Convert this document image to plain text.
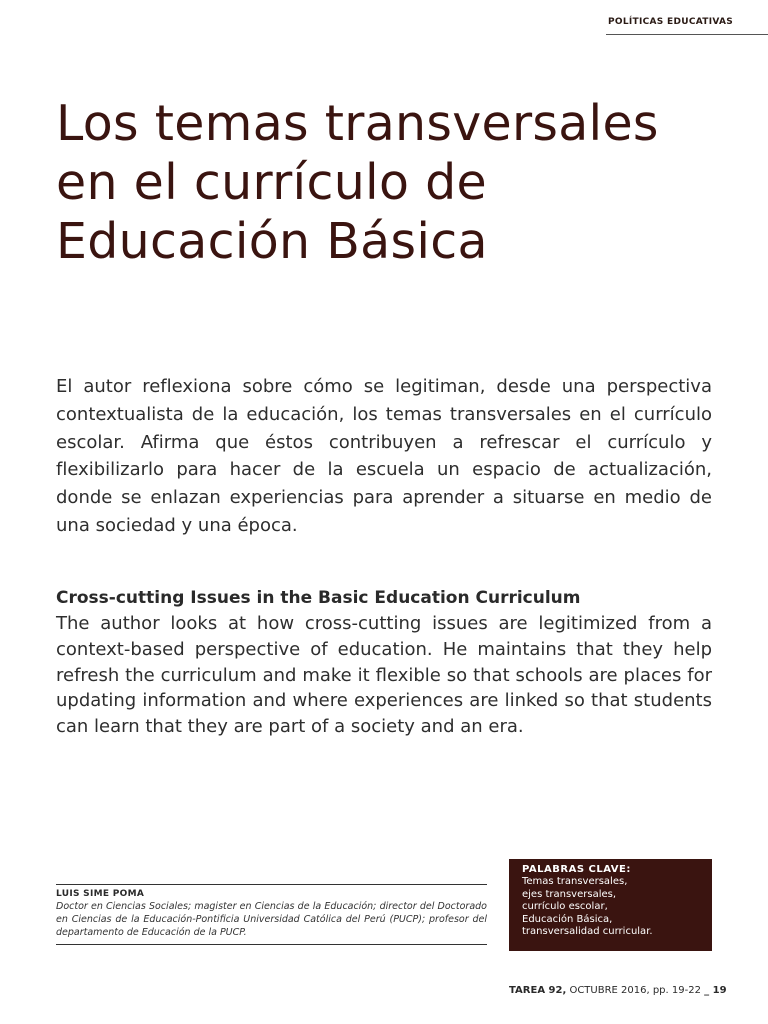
POLÍTICAS EDUCATIVAS
Los temas transversales
en el currículo de
Educación Básica

El autor reflexiona sobre cómo se legitiman, desde una perspectiva contextualista de la educación, los temas transversales en el currículo escolar. Afirma que éstos contribuyen a refrescar el currículo y flexibilizarlo para hacer de la escuela un espacio de actualización, donde se enlazan experiencias para aprender a situarse en medio de una sociedad y una época.

Cross-cutting Issues in the Basic Education Curriculum

The author looks at how cross-cutting issues are legitimized from a context-based perspective of education. He maintains that they help refresh the curriculum and make it flexible so that schools are places for updating information and where experiences are linked so that students can learn that they are part of a society and an era.

LUIS SIME POMA

Doctor en Ciencias Sociales; magister en Ciencias de la Educación; director del Doctorado en Ciencias de la Educación-Pontificia Universidad Católica del Perú (PUCP); profesor del departamento de Educación de la PUCP.

PALABRAS CLAVE:

Temas transversales,
ejes transversales,
currículo escolar,
Educación Básica,
transversalidad curricular.
TAREA 92, OCTUBRE 2016, pp. 19-22 _ 19
